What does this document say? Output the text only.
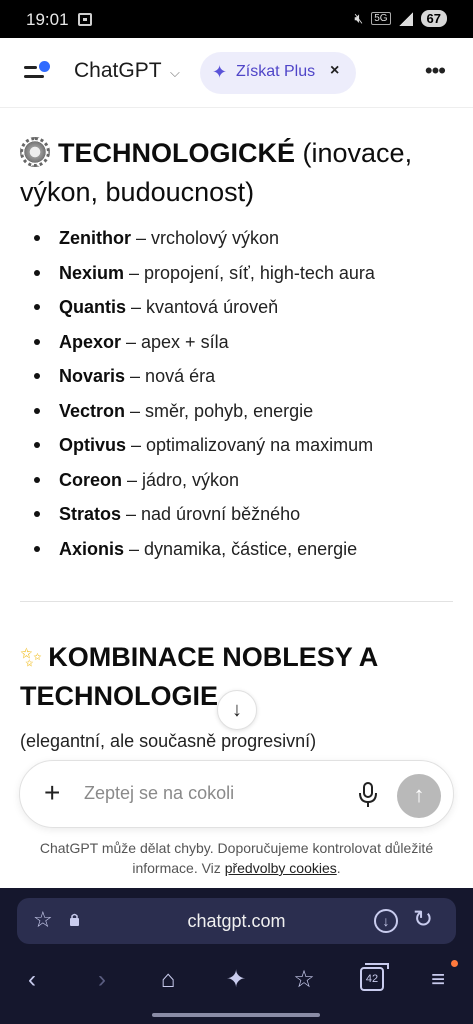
19:01	🔇︎	5G	67
ChatGPT ⌵ ✦ Získat Plus ×	•••
TECHNOLOGICKÉ (inovace,
výkon, budoucnost)
Zenithor – vrcholový výkon
Nexium – propojení, síť, high-tech aura
Quantis – kvantová úroveň
Apexor – apex + síla
Novaris – nová éra
Vectron – směr, pohyb, energie
Optivus – optimalizovaný na maximum
Coreon – jádro, výkon
Stratos – nad úrovní běžného
Axionis – dynamika, částice, energie
✨︎ KOMBINACE NOBLESY A
TECHNOLOGIE
(elegantní, ale současně progresivní)
↓
+
Zeptej se na cokoli	↑
ChatGPT může dělat chyby. Doporučujeme kontrolovat důležité informace. Viz předvolby cookies.
☆	chatgpt.com	↓ ↻
‹	›	⌂	✦	☆	42	≡
